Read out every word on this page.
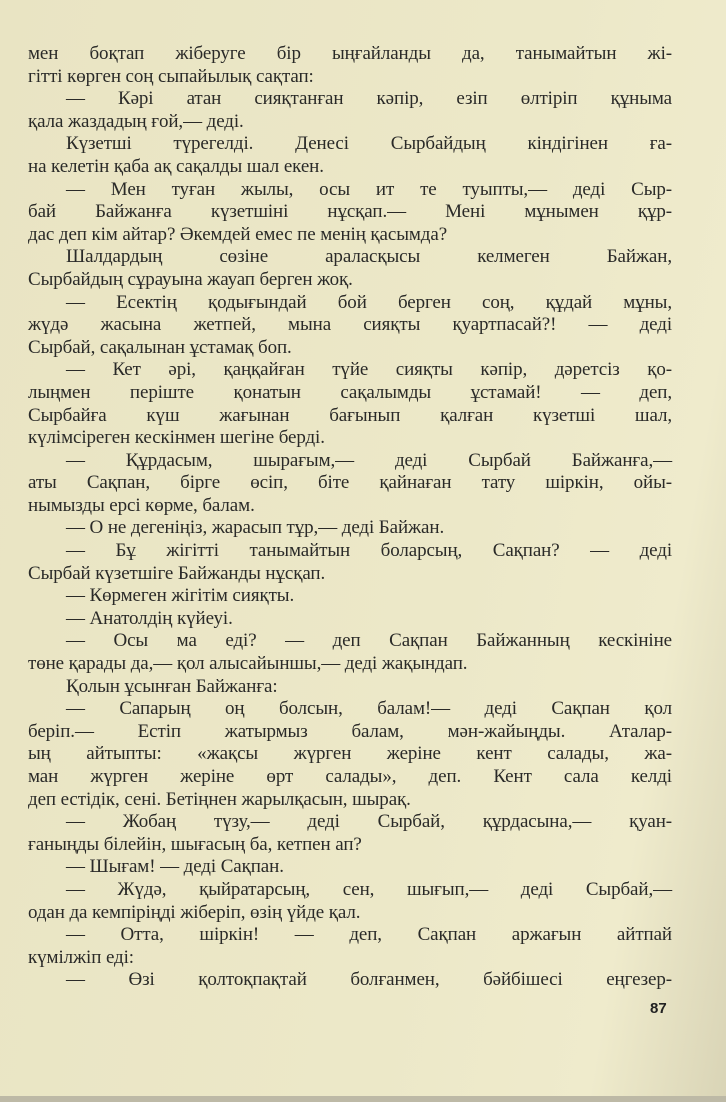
мен боқтап жіберуге бір ыңғайланды да, танымайтын жі-
гітті көрген соң сыпайылық сақтап:
— Кәрі атан сияқтанған кәпір, езіп өлтіріп құныма
қала жаздадың ғой,— деді.
Күзетші түрегелді. Денесі Сырбайдың кіндігінен ға-
на келетін қаба ақ сақалды шал екен.
— Мен туған жылы, осы ит те туыпты,— деді Сыр-
бай Байжанға күзетшіні нұсқап.— Мені мұнымен құр-
дас деп кім айтар? Әкемдей емес пе менің қасымда?
Шалдардың сөзіне араласқысы келмеген Байжан,
Сырбайдың сұрауына жауап берген жоқ.
— Есектің қодығындай бой берген соң, құдай мұны,
жүдә жасына жетпей, мына сияқты қуартпасай?! — деді
Сырбай, сақалынан ұстамақ боп.
— Кет әрі, қаңқайған түйе сияқты кәпір, дәретсіз қо-
лыңмен періште қонатын сақалымды ұстамай! — деп,
Сырбайға күш жағынан бағынып қалған күзетші шал,
күлімсіреген кескінмен шегіне берді.
— Құрдасым, шырағым,— деді Сырбай Байжанға,—
аты Сақпан, бірге өсіп, біте қайнаған тату шіркін, ойы-
нымызды ерсі көрме, балам.
— О не дегеніңіз, жарасып тұр,— деді Байжан.
— Бұ жігітті танымайтын боларсың, Сақпан? — деді
Сырбай күзетшіге Байжанды нұсқап.
— Көрмеген жігітім сияқты.
— Анатолдің күйеуі.
— Осы ма еді? — деп Сақпан Байжанның кескініне
төне қарады да,— қол алысайыншы,— деді жақындап.
Қолын ұсынған Байжанға:
— Сапарың оң болсын, балам!— деді Сақпан қол
беріп.— Естіп жатырмыз балам, мән-жайыңды. Аталар-
ың айтыпты: «жақсы жүрген жеріне кент салады, жа-
ман жүрген жеріне өрт салады», деп. Кент сала келді
деп естідік, сені. Бетіңнен жарылқасын, шырақ.
— Жобаң түзу,— деді Сырбай, құрдасына,— қуан-
ғаныңды білейін, шығасың ба, кетпен ап?
— Шығам! — деді Сақпан.
— Жүдә, қыйратарсың, сен, шығып,— деді Сырбай,—
одан да кемпіріңді жіберіп, өзің үйде қал.
— Отта, шіркін! — деп, Сақпан аржағын айтпай
күмілжіп еді:
— Өзі қолтоқпақтай болғанмен, бәйбішесі еңгезер-
87
